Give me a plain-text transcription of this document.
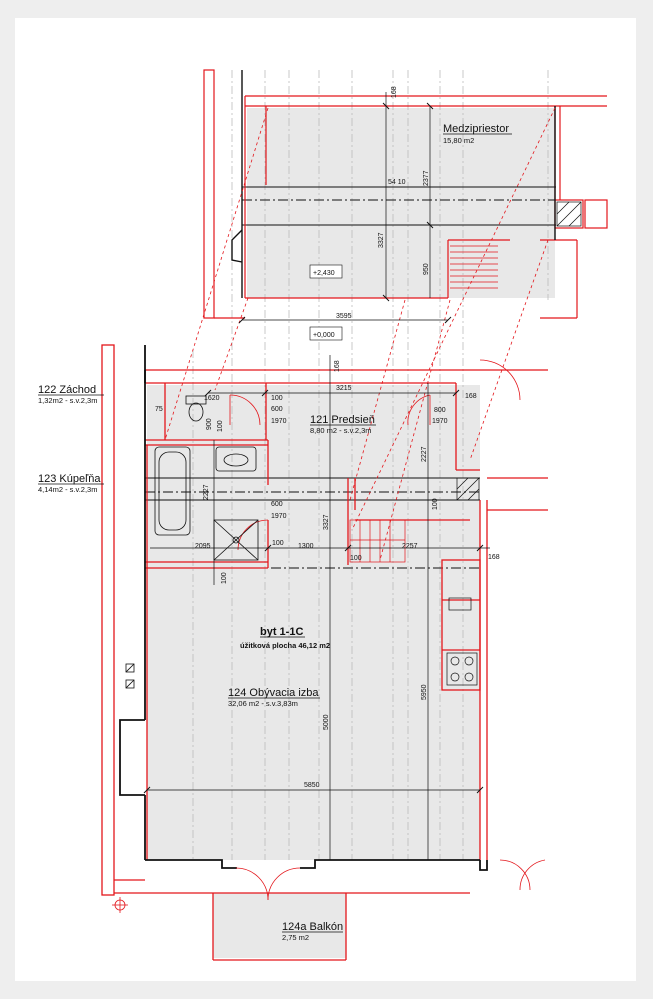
Medzipriestor
15,80 m2
121 Predsieň
8,80 m2 - s.v.2,3m
122 Záchod
1,32m2 - s.v.2,3m
123 Kúpeľňa
4,14m2 - s.v.2,3m
byt 1-1C
úžitková plocha 46,12 m2
124 Obývacia izba
32,06 m2 - s.v.3,83m
124a Balkón
2,75 m2
+2,430
+0,000
168
54 10 2377
3327
950
3595
168
3215
1620	100
600
1970
800
1970
168
75
900 100
2227
2227
3327
600
1970
100
2095	100 1300
100
2257
168
100
5000
5950
5850
